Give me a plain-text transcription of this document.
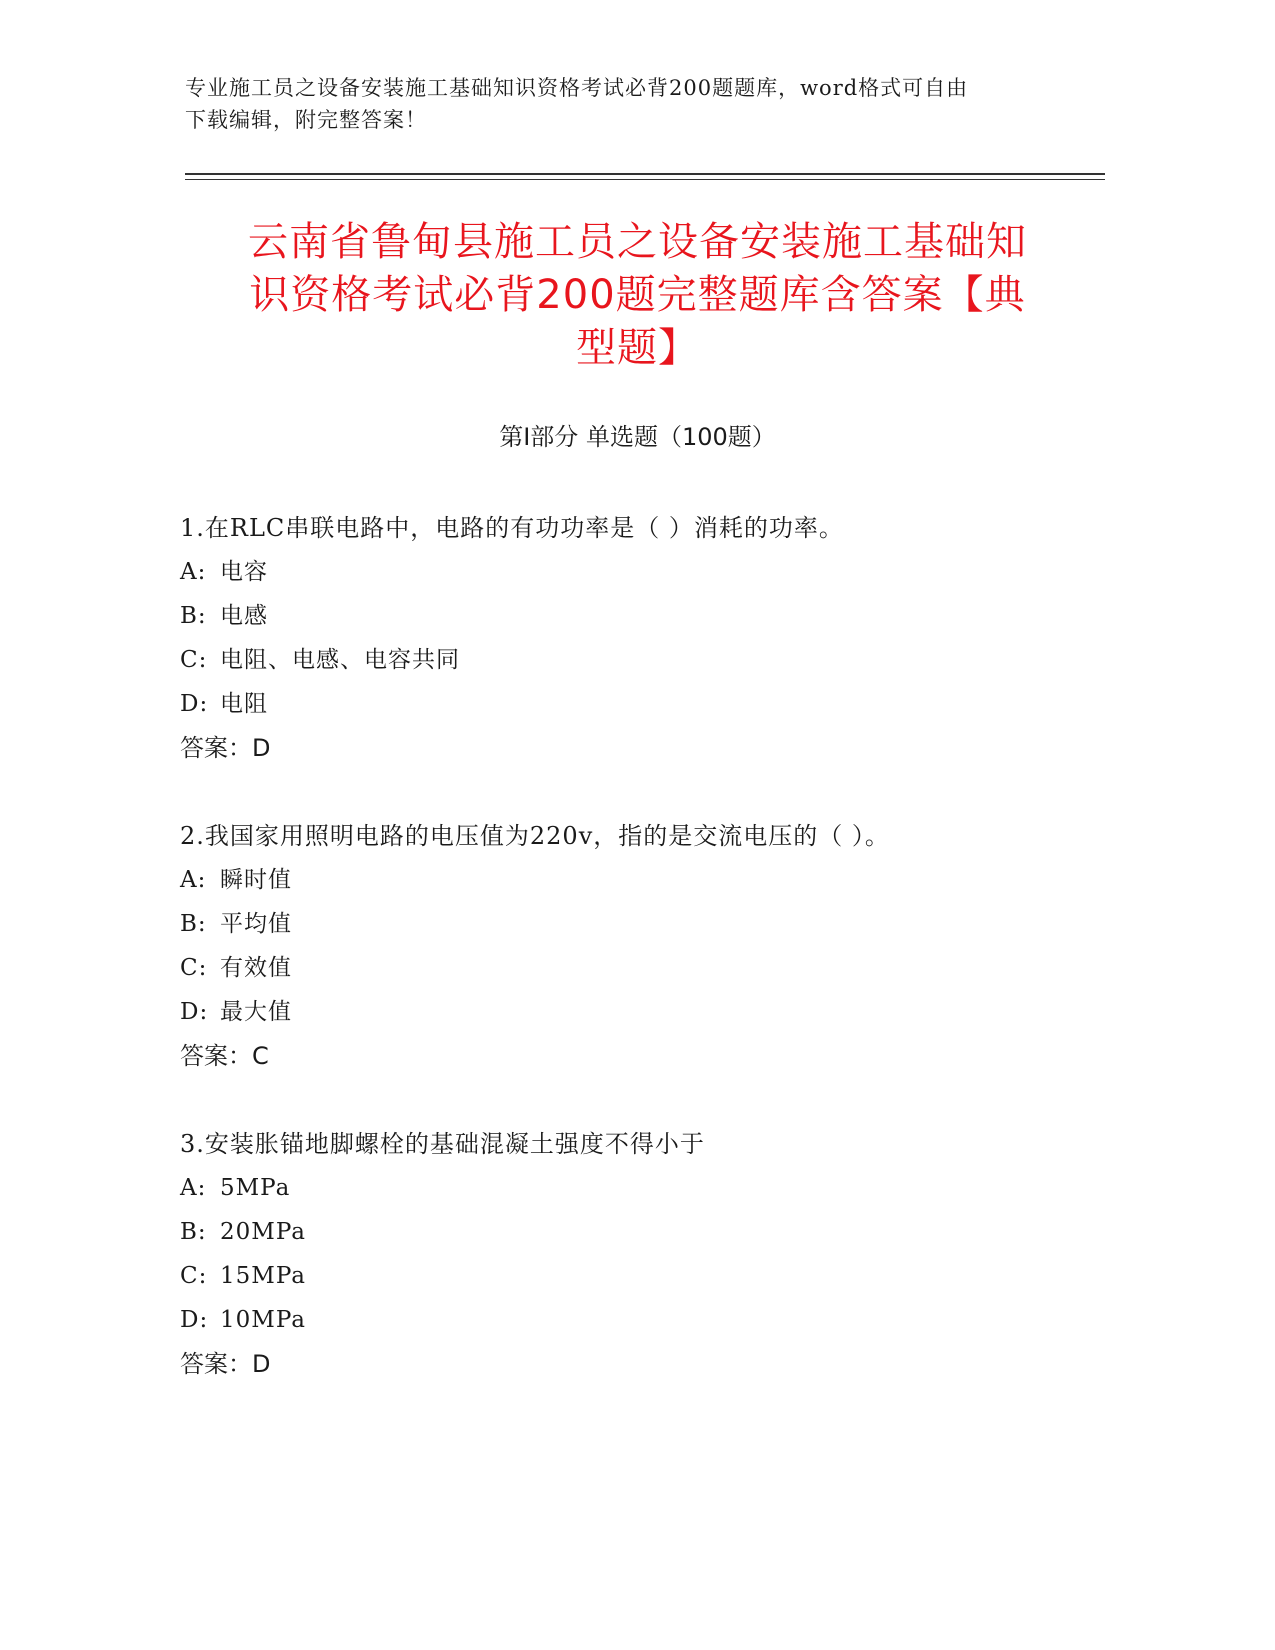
专业施工员之设备安装施工基础知识资格考试必背200题题库，word格式可自由
下载编辑，附完整答案！
云南省鲁甸县施工员之设备安装施工基础知
识资格考试必背200题完整题库含答案【典
型题】
第Ⅰ部分 单选题（100题）
1.在RLC串联电路中，电路的有功功率是（ ）消耗的功率。
A: 电容
B: 电感
C: 电阻、电感、电容共同
D: 电阻
答案：D
2.我国家用照明电路的电压值为220v，指的是交流电压的（ ）。
A: 瞬时值
B: 平均值
C: 有效值
D: 最大值
答案：C
3.安装胀锚地脚螺栓的基础混凝土强度不得小于
A: 5MPa
B: 20MPa
C: 15MPa
D: 10MPa
答案：D
